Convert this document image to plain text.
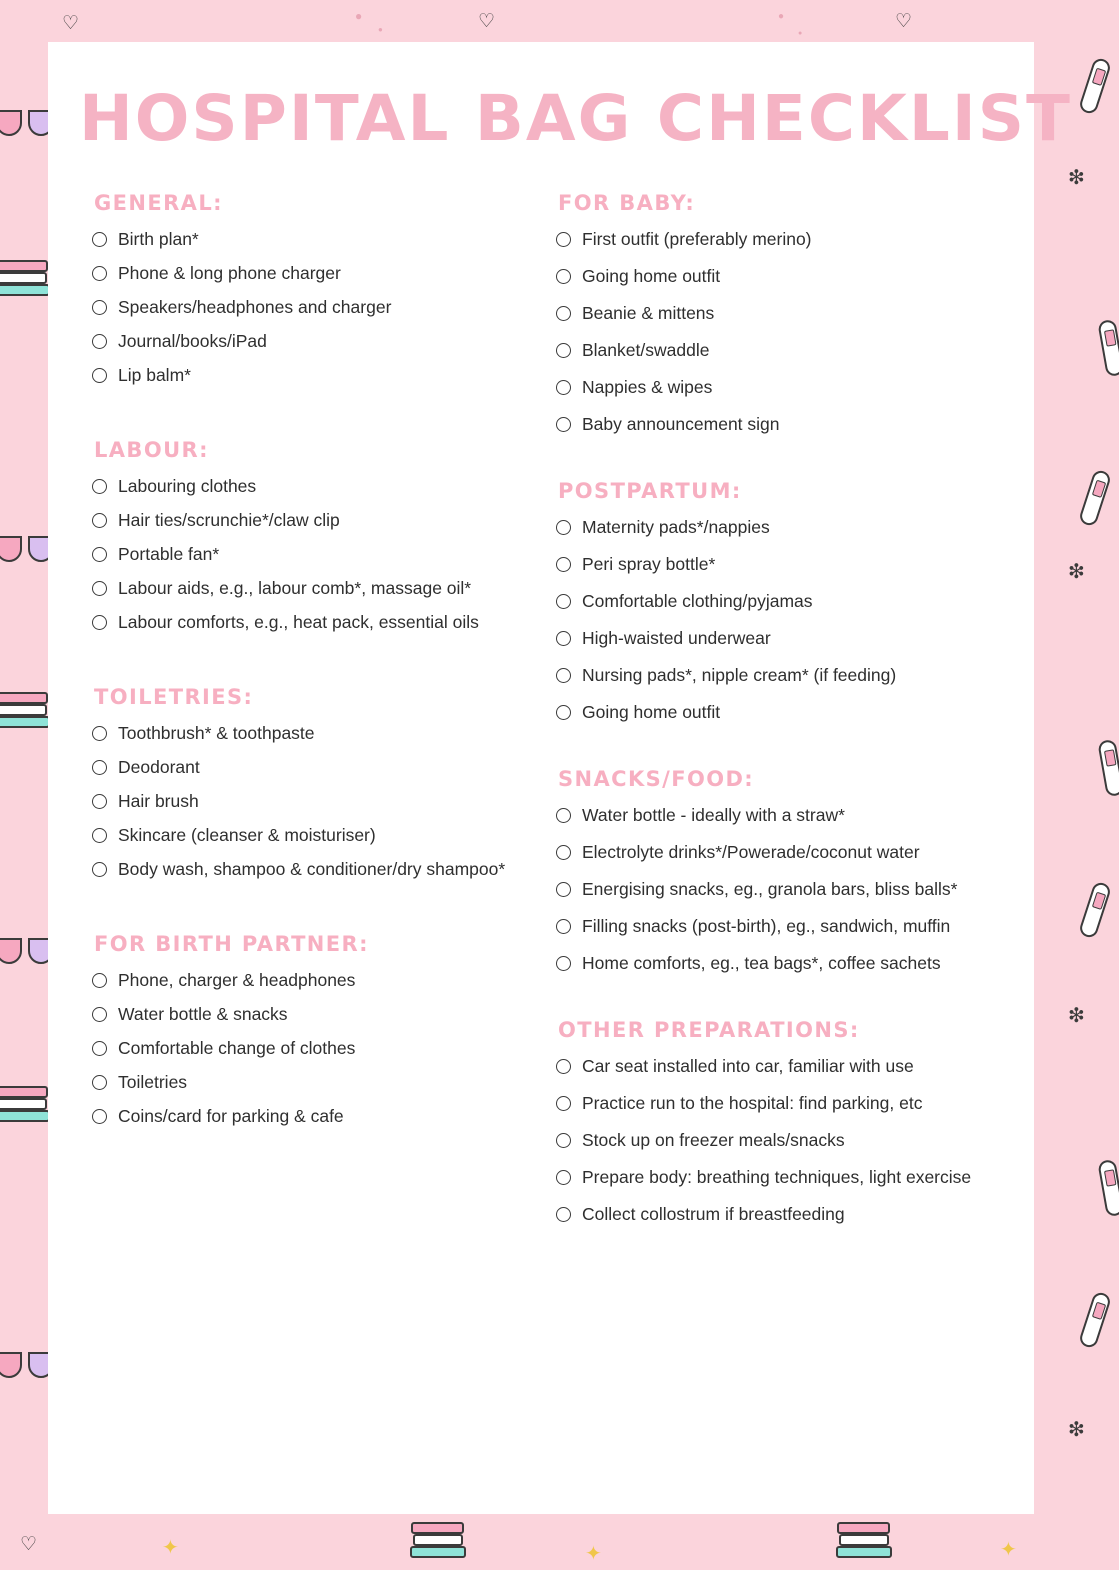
♡	♡	♡
♡
❇
❇
❇
❇
✦	✦	✦
●
●
●
●
HOSPITAL BAG CHECKLIST
GENERAL:
Birth plan*
Phone & long phone charger
Speakers/headphones and charger
Journal/books/iPad
Lip balm*
LABOUR:
Labouring clothes
Hair ties/scrunchie*/claw clip
Portable fan*
Labour aids, e.g., labour comb*, massage oil*
Labour comforts, e.g., heat pack, essential oils
TOILETRIES:
Toothbrush* & toothpaste
Deodorant
Hair brush
Skincare (cleanser & moisturiser)
Body wash, shampoo & conditioner/dry shampoo*
FOR BIRTH PARTNER:
Phone, charger & headphones
Water bottle & snacks
Comfortable change of clothes
Toiletries
Coins/card for parking & cafe
FOR BABY:
First outfit (preferably merino)
Going home outfit
Beanie & mittens
Blanket/swaddle
Nappies & wipes
Baby announcement sign
POSTPARTUM:
Maternity pads*/nappies
Peri spray bottle*
Comfortable clothing/pyjamas
High-waisted underwear
Nursing pads*, nipple cream* (if feeding)
Going home outfit
SNACKS/FOOD:
Water bottle - ideally with a straw*
Electrolyte drinks*/Powerade/coconut water
Energising snacks, eg., granola bars, bliss balls*
Filling snacks (post-birth), eg., sandwich, muffin
Home comforts, eg., tea bags*, coffee sachets
OTHER PREPARATIONS:
Car seat installed into car, familiar with use
Practice run to the hospital: find parking, etc
Stock up on freezer meals/snacks
Prepare body: breathing techniques, light exercise
Collect collostrum if breastfeeding
